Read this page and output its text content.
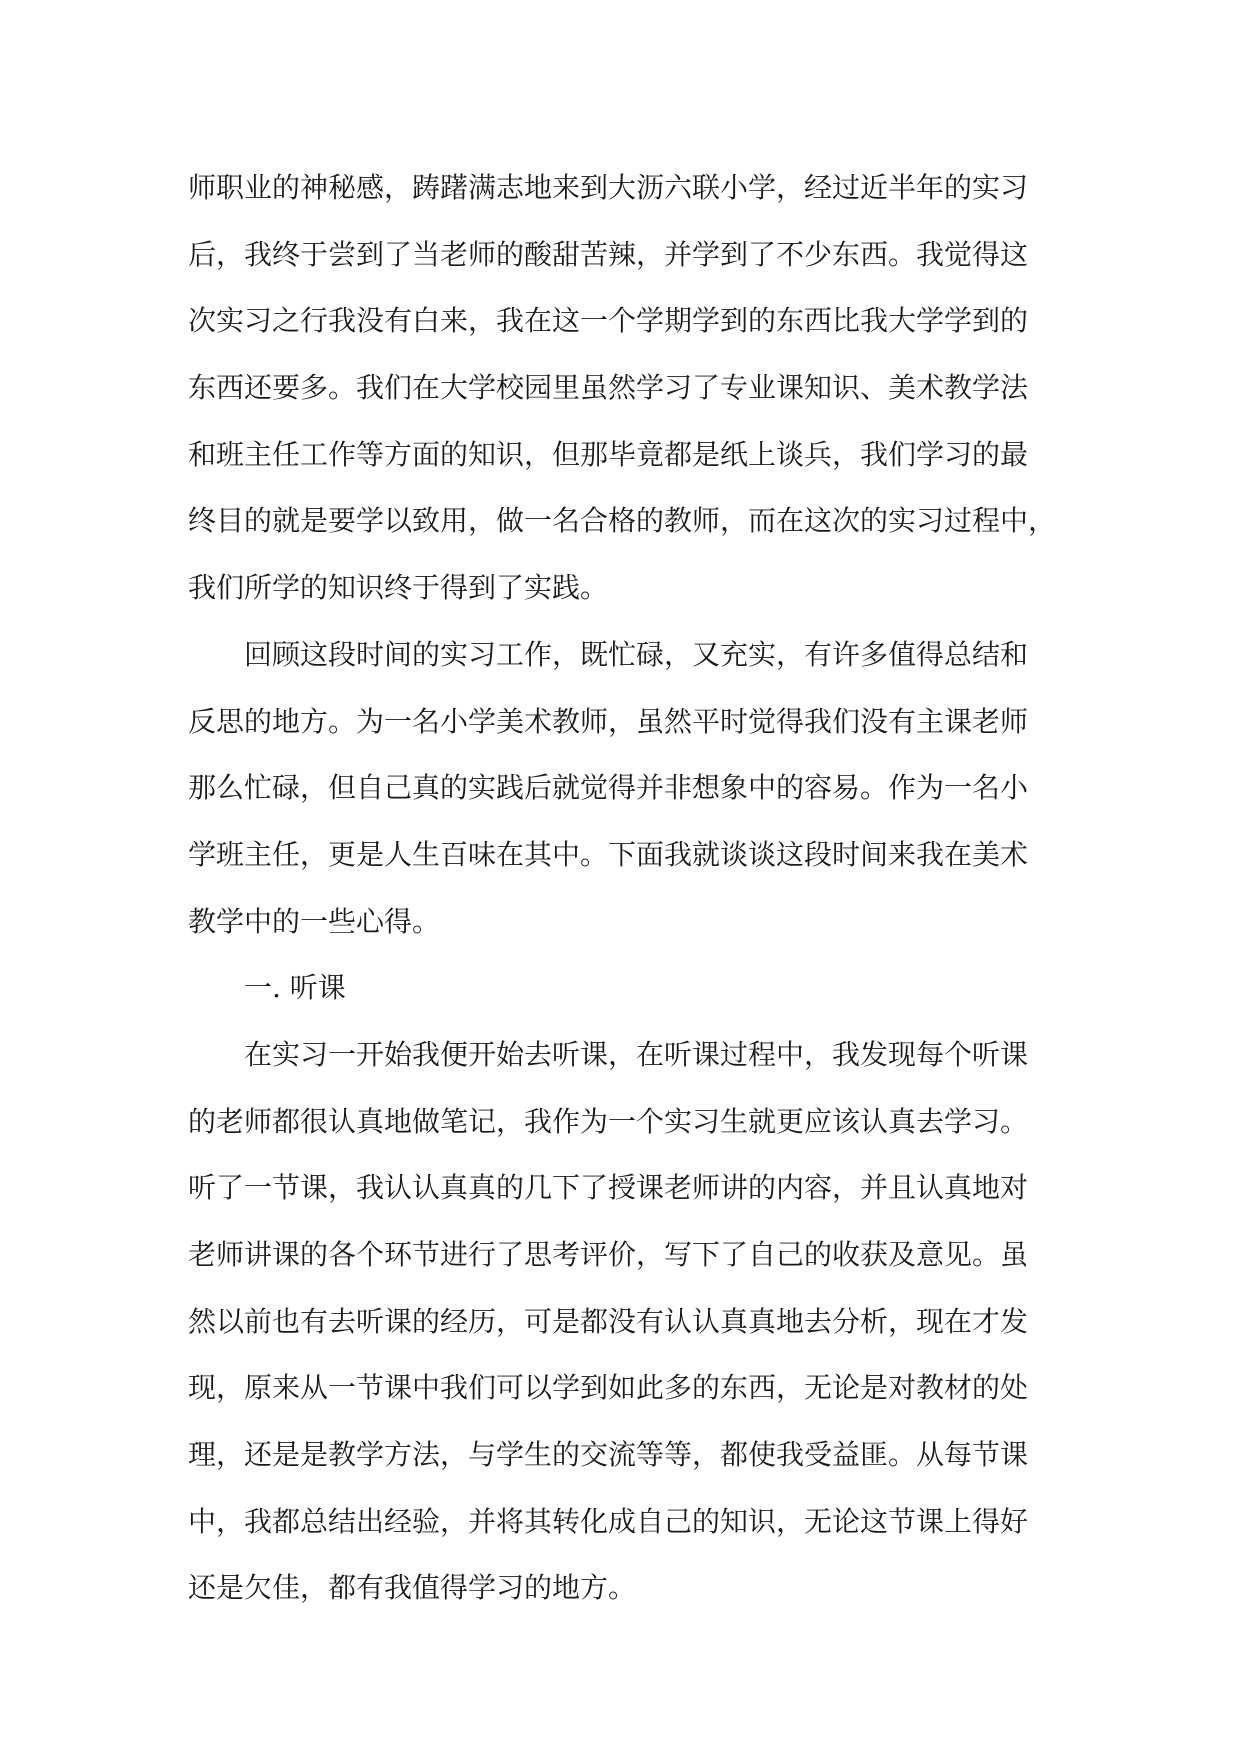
师职业的神秘感，踌躇满志地来到大沥六联小学，经过近半年的实习

后，我终于尝到了当老师的酸甜苦辣，并学到了不少东西。我觉得这

次实习之行我没有白来，我在这一个学期学到的东西比我大学学到的

东西还要多。我们在大学校园里虽然学习了专业课知识、美术教学法

和班主任工作等方面的知识，但那毕竟都是纸上谈兵，我们学习的最

终目的就是要学以致用，做一名合格的教师，而在这次的实习过程中，

我们所学的知识终于得到了实践。

回顾这段时间的实习工作，既忙碌，又充实，有许多值得总结和

反思的地方。为一名小学美术教师，虽然平时觉得我们没有主课老师

那么忙碌，但自己真的实践后就觉得并非想象中的容易。作为一名小

学班主任，更是人生百味在其中。下面我就谈谈这段时间来我在美术

教学中的一些心得。

一. 听课

在实习一开始我便开始去听课，在听课过程中，我发现每个听课

的老师都很认真地做笔记，我作为一个实习生就更应该认真去学习。

听了一节课，我认认真真的几下了授课老师讲的内容，并且认真地对

老师讲课的各个环节进行了思考评价，写下了自己的收获及意见。虽

然以前也有去听课的经历，可是都没有认认真真地去分析，现在才发

现，原来从一节课中我们可以学到如此多的东西，无论是对教材的处

理，还是是教学方法，与学生的交流等等，都使我受益匪。从每节课

中，我都总结出经验，并将其转化成自己的知识，无论这节课上得好

还是欠佳，都有我值得学习的地方。
